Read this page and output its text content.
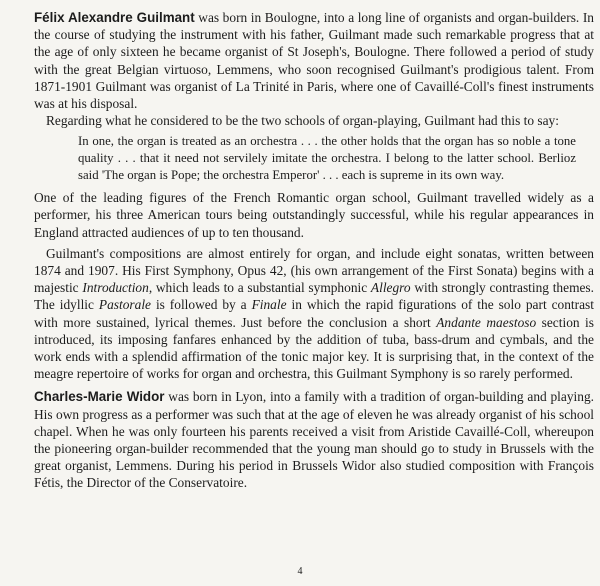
Félix Alexandre Guilmant was born in Boulogne, into a long line of organists and organ-builders. In the course of studying the instrument with his father, Guilmant made such remarkable progress that at the age of only sixteen he became organist of St Joseph's, Boulogne. There followed a period of study with the great Belgian virtuoso, Lemmens, who soon recognised Guilmant's prodigious talent. From 1871-1901 Guilmant was organist of La Trinité in Paris, where one of Cavaillé-Coll's finest instruments was at his disposal.

Regarding what he considered to be the two schools of organ-playing, Guilmant had this to say:

In one, the organ is treated as an orchestra . . . the other holds that the organ has so noble a tone quality . . . that it need not servilely imitate the orchestra. I belong to the latter school. Berlioz said 'The organ is Pope; the orchestra Emperor' . . . each is supreme in its own way.

One of the leading figures of the French Romantic organ school, Guilmant travelled widely as a performer, his three American tours being outstandingly successful, while his regular appearances in England attracted audiences of up to ten thousand.

Guilmant's compositions are almost entirely for organ, and include eight sonatas, written between 1874 and 1907. His First Symphony, Opus 42, (his own arrangement of the First Sonata) begins with a majestic Introduction, which leads to a substantial symphonic Allegro with strongly contrasting themes. The idyllic Pastorale is followed by a Finale in which the rapid figurations of the solo part contrast with more sustained, lyrical themes. Just before the conclusion a short Andante maestoso section is introduced, its imposing fanfares enhanced by the addition of tuba, bass-drum and cymbals, and the work ends with a splendid affirmation of the tonic major key. It is surprising that, in the context of the meagre repertoire of works for organ and orchestra, this Guilmant Symphony is so rarely performed.

Charles-Marie Widor was born in Lyon, into a family with a tradition of organ-building and playing. His own progress as a performer was such that at the age of eleven he was already organist of his school chapel. When he was only fourteen his parents received a visit from Aristide Cavaillé-Coll, whereupon the pioneering organ-builder recommended that the young man should go to study in Brussels with the great organist, Lemmens. During his period in Brussels Widor also studied composition with François Fétis, the Director of the Conservatoire.

4
